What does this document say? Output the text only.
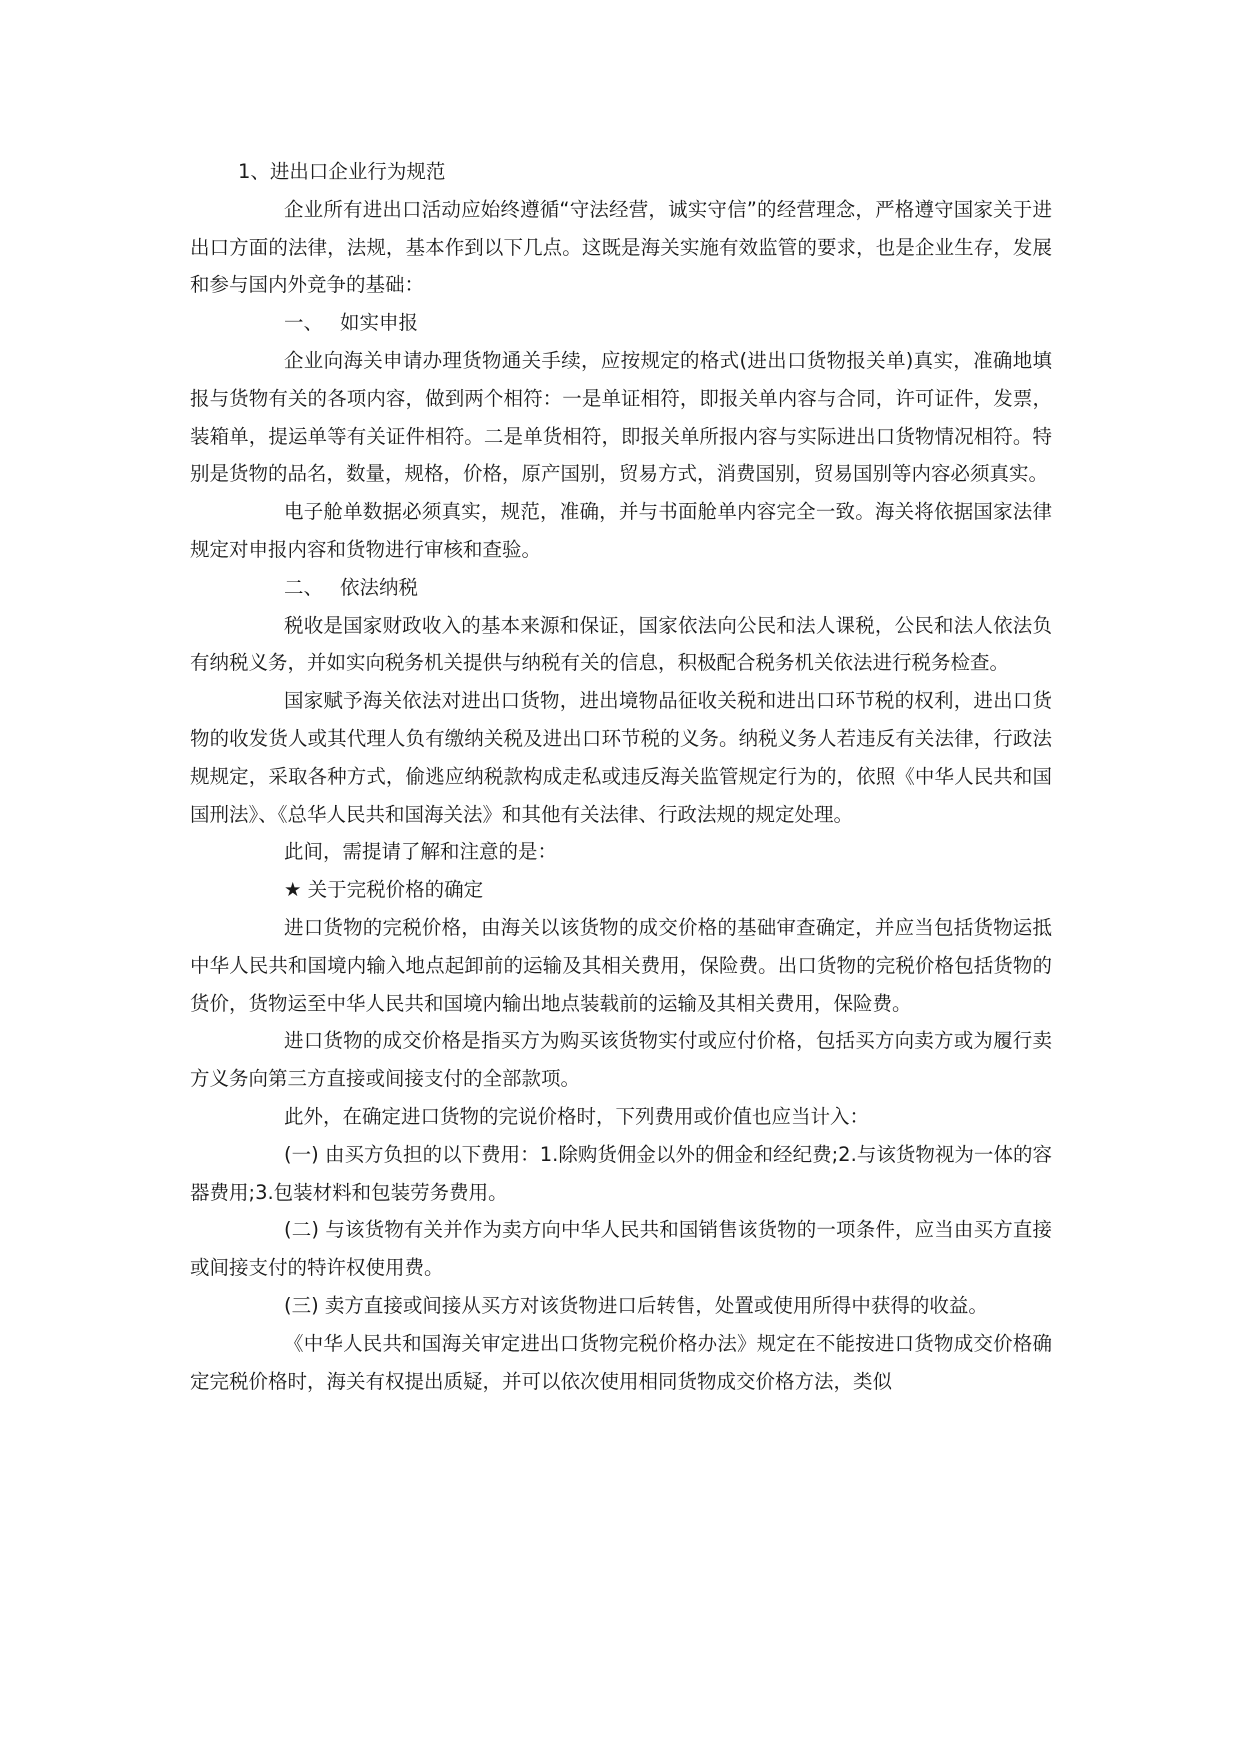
1、进出口企业行为规范

企业所有进出口活动应始终遵循“守法经营，诚实守信”的经营理念，严格遵守国家关于进出口方面的法律，法规，基本作到以下几点。这既是海关实施有效监管的要求，也是企业生存，发展和参与国内外竞争的基础：

一、 如实申报

企业向海关申请办理货物通关手续，应按规定的格式(进出口货物报关单)真实，准确地填报与货物有关的各项内容，做到两个相符：一是单证相符，即报关单内容与合同，许可证件，发票，装箱单，提运单等有关证件相符。二是单货相符，即报关单所报内容与实际进出口货物情况相符。特别是货物的品名，数量，规格，价格，原产国别，贸易方式，消费国别，贸易国别等内容必须真实。

电子舱单数据必须真实，规范，准确，并与书面舱单内容完全一致。海关将依据国家法律规定对申报内容和货物进行审核和查验。

二、 依法纳税

税收是国家财政收入的基本来源和保证，国家依法向公民和法人课税，公民和法人依法负有纳税义务，并如实向税务机关提供与纳税有关的信息，积极配合税务机关依法进行税务检查。

国家赋予海关依法对进出口货物，进出境物品征收关税和进出口环节税的权利，进出口货物的收发货人或其代理人负有缴纳关税及进出口环节税的义务。纳税义务人若违反有关法律，行政法规规定，采取各种方式，偷逃应纳税款构成走私或违反海关监管规定行为的，依照《中华人民共和国国刑法》、《总华人民共和国海关法》和其他有关法律、行政法规的规定处理。

此间，需提请了解和注意的是：

★ 关于完税价格的确定

进口货物的完税价格，由海关以该货物的成交价格的基础审查确定，并应当包括货物运抵中华人民共和国境内输入地点起卸前的运输及其相关费用，保险费。出口货物的完税价格包括货物的货价，货物运至中华人民共和国境内输出地点装载前的运输及其相关费用，保险费。

进口货物的成交价格是指买方为购买该货物实付或应付价格，包括买方向卖方或为履行卖方义务向第三方直接或间接支付的全部款项。

此外，在确定进口货物的完说价格时，下列费用或价值也应当计入：

(一) 由买方负担的以下费用：1.除购货佣金以外的佣金和经纪费;2.与该货物视为一体的容器费用;3.包装材料和包装劳务费用。

(二) 与该货物有关并作为卖方向中华人民共和国销售该货物的一项条件，应当由买方直接或间接支付的特许权使用费。

(三) 卖方直接或间接从买方对该货物进口后转售，处置或使用所得中获得的收益。

《中华人民共和国海关审定进出口货物完税价格办法》规定在不能按进口货物成交价格确定完税价格时，海关有权提出质疑，并可以依次使用相同货物成交价格方法，类似
